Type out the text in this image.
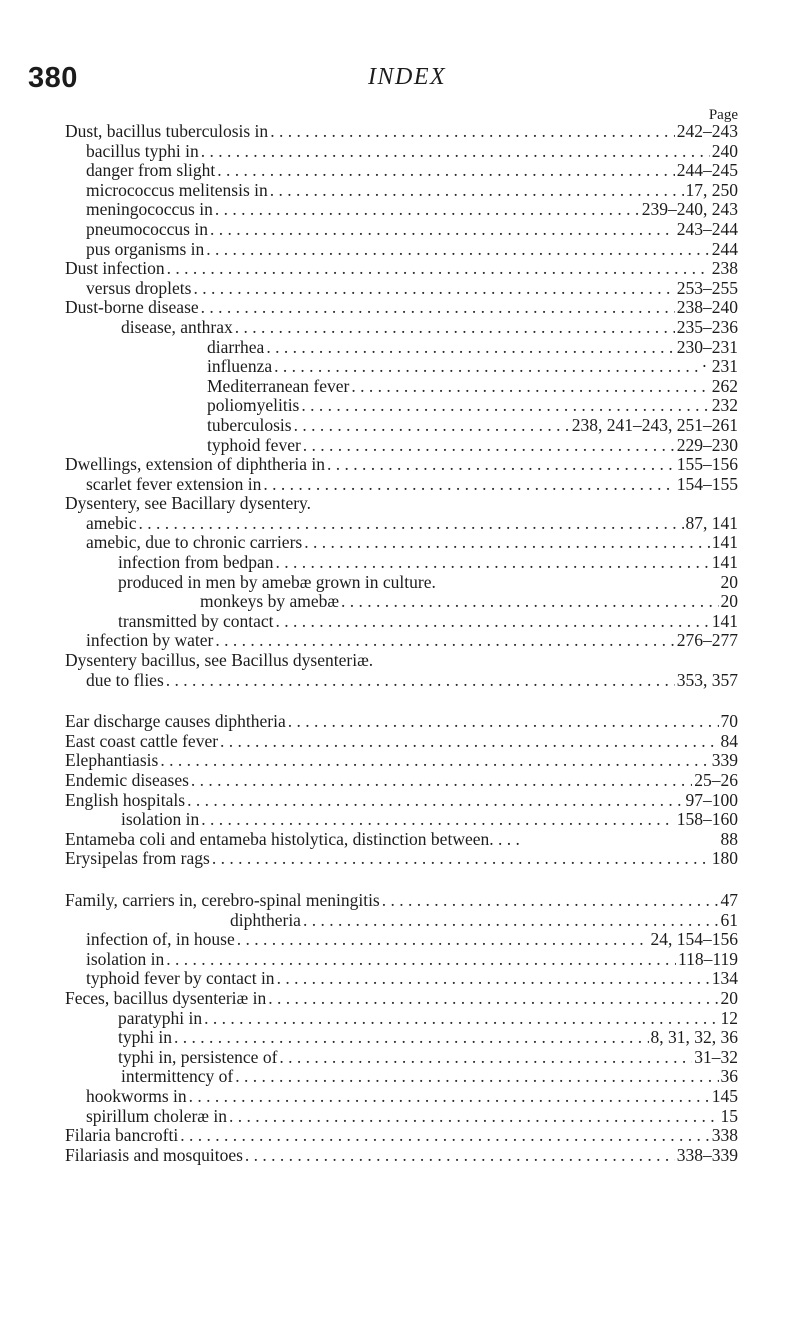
380	INDEX
Page
Dust, bacillus tuberculosis in . . .	242–243
bacillus typhi in . . .	240
danger from slight . . .	244–245
micrococcus melitensis in . . .	17, 250
meningococcus in . . .	239–240, 243
pneumococcus in . . .	243–244
pus organisms in . . .	244
Dust infection . . .	238
versus droplets . . .	253–255
Dust-borne disease . . .	238–240
disease, anthrax . . .	235–236
diarrhea . . .	230–231
influenza . . .	· 231
Mediterranean fever . . .	262
poliomyelitis . . .	232
tuberculosis . . .	238, 241–243, 251–261
typhoid fever . . .	229–230
Dwellings, extension of diphtheria in . . .	155–156
scarlet fever extension in . . .	154–155
Dysentery, see Bacillary dysentery.
amebic . . .	87, 141
amebic, due to chronic carriers . . .	141
infection from bedpan . . .	141
produced in men by amebæ grown in culture.	20
monkeys by amebæ . . .	20
transmitted by contact . . .	141
infection by water . . .	276–277
Dysentery bacillus, see Bacillus dysenteriæ.
due to flies . . .	353, 357
Ear discharge causes diphtheria . . .	70
East coast cattle fever . . .	84
Elephantiasis . . .	339
Endemic diseases . . .	25–26
English hospitals . . .	97–100
isolation in . . .	158–160
Entameba coli and entameba histolytica, distinction between. . . .	88
Erysipelas from rags . . .	180
Family, carriers in, cerebro-spinal meningitis . . .	47
diphtheria . . .	61
infection of, in house . . .	24, 154–156
isolation in . . .	118–119
typhoid fever by contact in . . .	134
Feces, bacillus dysenteriæ in . . .	20
paratyphi in . . .	12
typhi in . . .	8, 31, 32, 36
typhi in, persistence of . . .	31–32
intermittency of . . .	36
hookworms in . . .	145
spirillum choleræ in . . .	15
Filaria bancrofti . . .	338
Filariasis and mosquitoes . . .	338–339
